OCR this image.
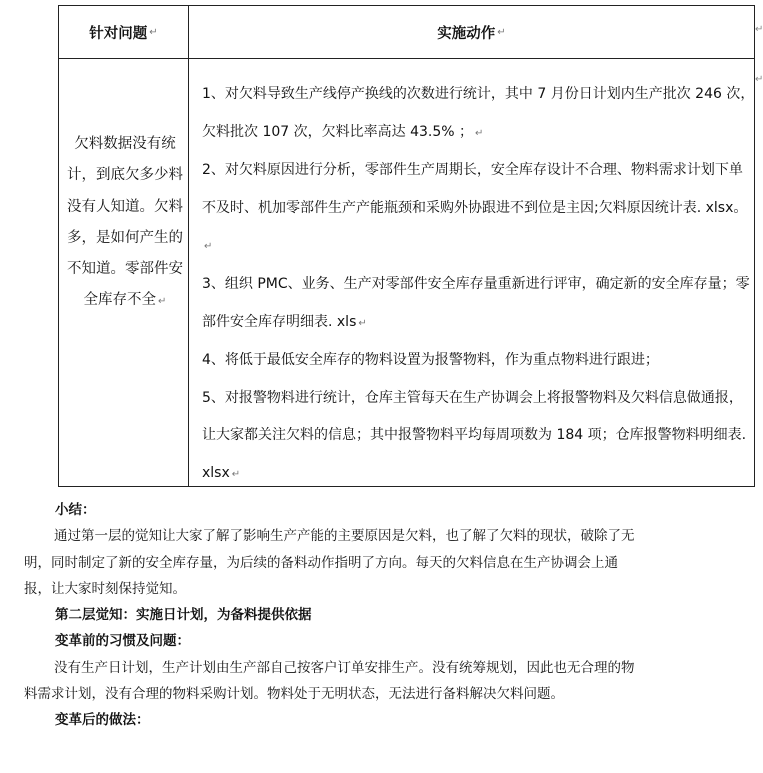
针对问题 ↵	实施动作 ↵
欠料数据没有统计，到底欠多少料没有人知道。欠料多，是如何产生的不知道。零部件安全库存不全 ↵

1、对欠料导致生产线停产换线的次数进行统计，其中 7 月份日计划内生产批次 246 次，欠料批次 107 次，欠料比率高达 43.5% ； ↵

2、对欠料原因进行分析，零部件生产周期长，安全库存设计不合理、物料需求计划下单不及时、机加零部件生产产能瓶颈和采购外协跟进不到位是主因;欠料原因统计表. xlsx。↵

3、组织 PMC、业务、生产对零部件安全库存量重新进行评审，确定新的安全库存量；零部件安全库存明细表. xls ↵

4、将低于最低安全库存的物料设置为报警物料，作为重点物料进行跟进；

5、对报警物料进行统计，仓库主管每天在生产协调会上将报警物料及欠料信息做通报，让大家都关注欠料的信息；其中报警物料平均每周项数为 184 项；仓库报警物料明细表. xlsx ↵

↵
↵

小结：

通过第一层的觉知让大家了解了影响生产产能的主要原因是欠料，也了解了欠料的现状，破除了无明，同时制定了新的安全库存量，为后续的备料动作指明了方向。每天的欠料信息在生产协调会上通报，让大家时刻保持觉知。

第二层觉知：实施日计划，为备料提供依据

变革前的习惯及问题：

没有生产日计划，生产计划由生产部自己按客户订单安排生产。没有统筹规划，因此也无合理的物料需求计划，没有合理的物料采购计划。物料处于无明状态，无法进行备料解决欠料问题。

变革后的做法：
